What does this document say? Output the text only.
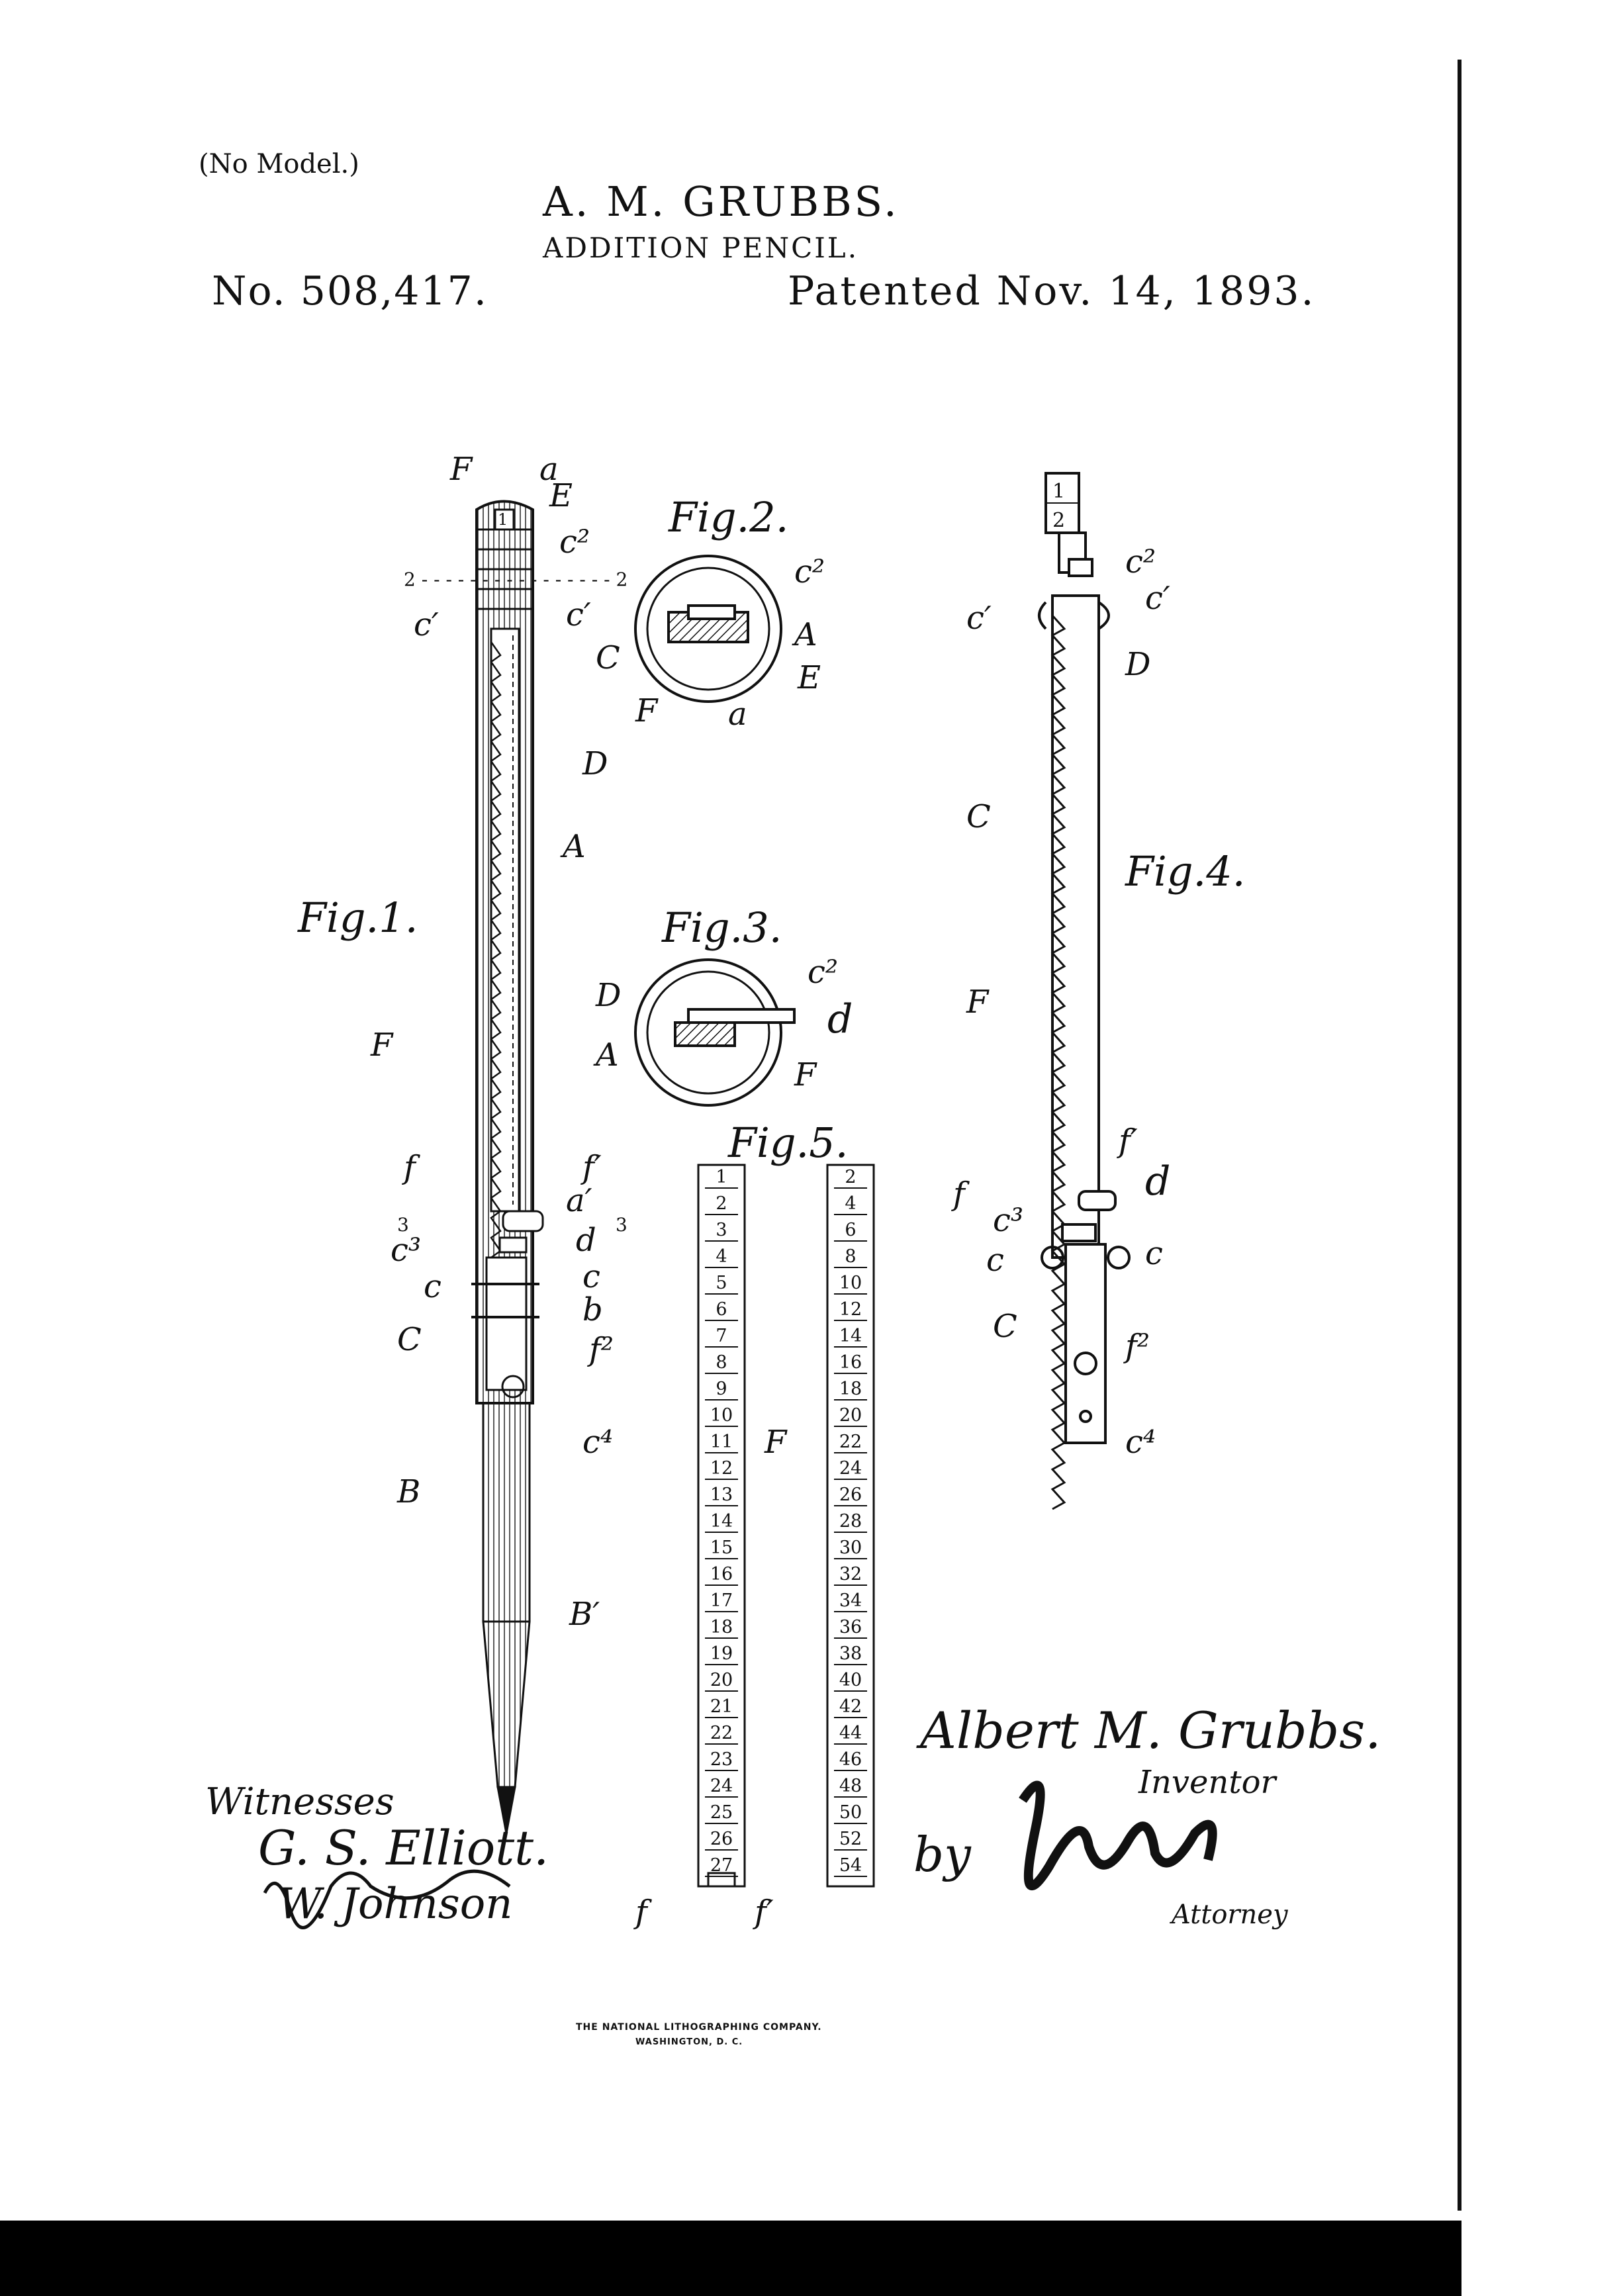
(No Model.)
A. M. GRUBBS.
ADDITION PENCIL.
No. 508,417.	Patented Nov. 14, 1893.
F a
E
c²
2 - - - - - - - - - - - - - - - - 2
c′	c′
D
A
F
f	f′
a′
3	3
c³	d
c	c
b
C	f²
c⁴
B
B′
c²
C
A
E
F a
c²
D
d
A
F
1
2
c²
c′
c′
D
C
F
f′
f	d
c³
c	c
C
f²
c⁴
F
f	f′
1
Fig.1.
Fig.2.
Fig.3.
Fig.4.
Fig.5.
1
2
3
4
5
6
7
8
9
10
11
12
13
14
15
16
17
18
19
20
21
22
23
24
25
26
27
2
4
6
8
10
12
14
16
18
20
22
24
26
28
30
32
34
36
38
40
42
44
46
48
50
52
54
Witnesses
G. S. Elliott.
W. Johnson
Albert M. Grubbs.
Inventor
by
Attorney
THE NATIONAL LITHOGRAPHING COMPANY.
WASHINGTON, D. C.
